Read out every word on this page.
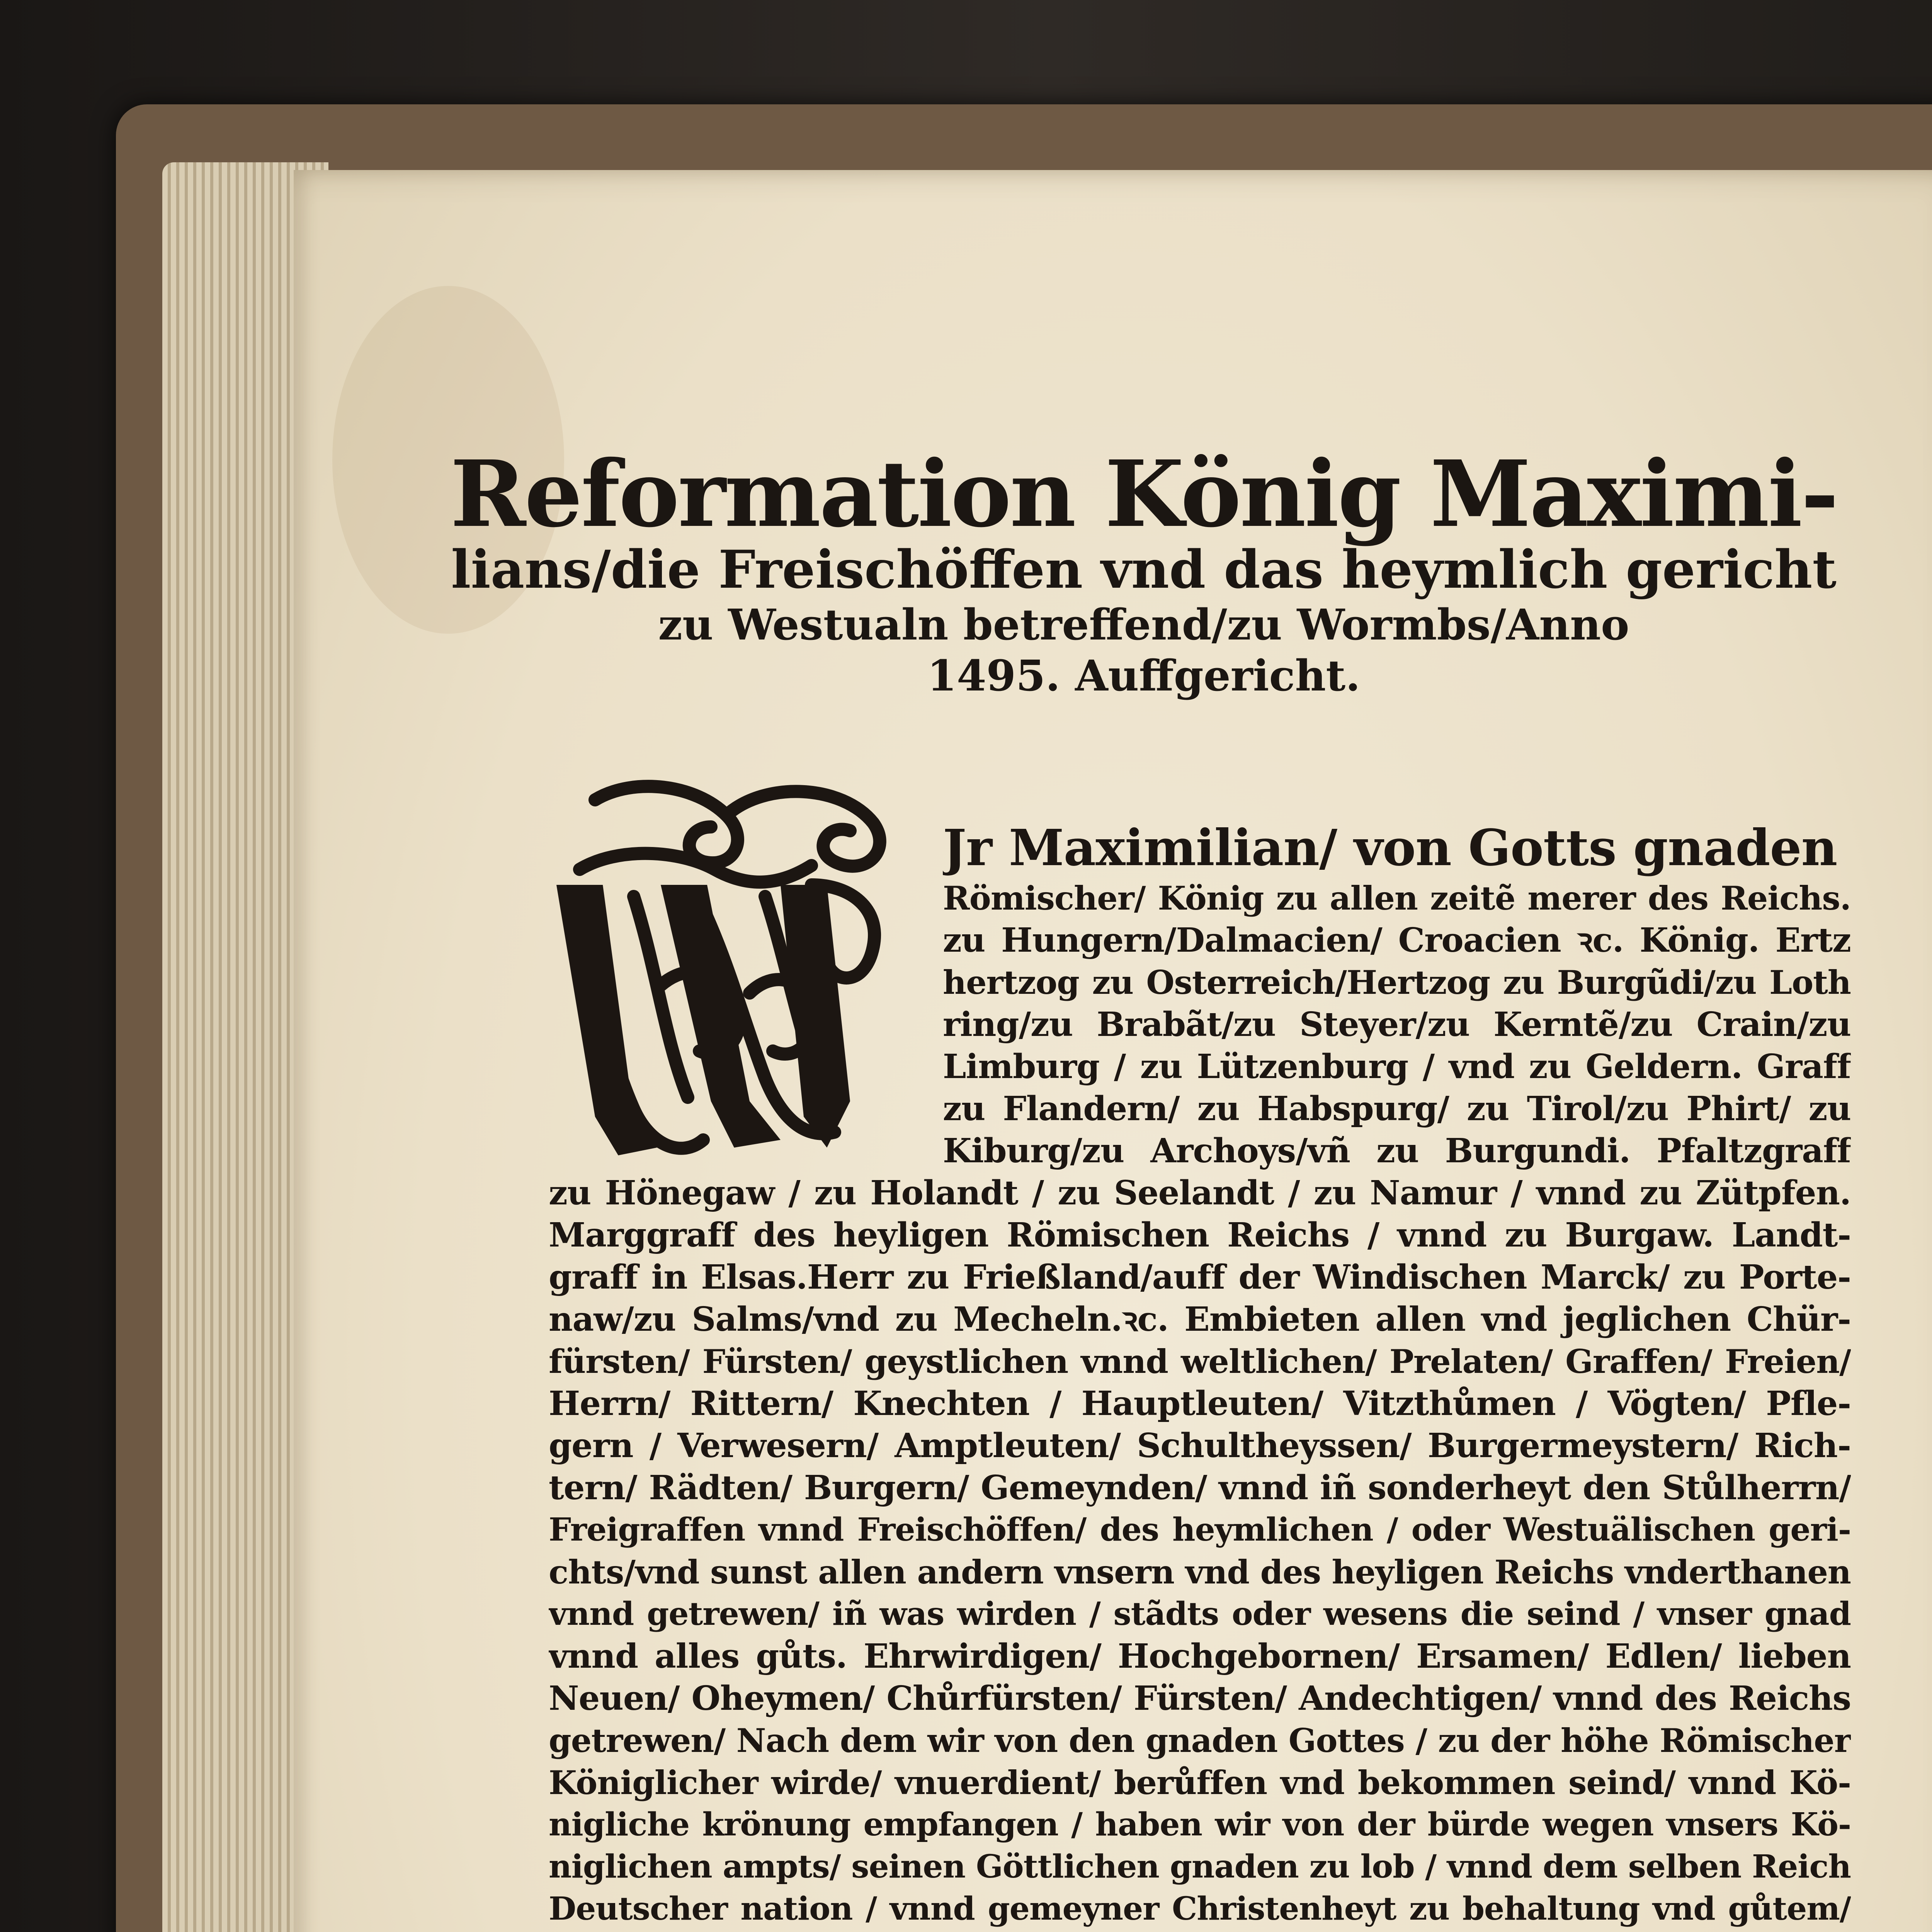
Reformation König Maximi-
lians/die Freischöffen vnd das heymlich gericht
zu Westualn betreffend/zu Wormbs/Anno
1495. Auffgericht.
Jr Maximilian/ von Gotts gnaden
Römischer/ König zu allen zeitẽ merer des Reichs.
zu Hungern/Dalmacien/ Croacien ꝛc. König. Ertz
hertzog zu Osterreich/Hertzog zu Burgũdi/zu Loth
ring/zu Brabãt/zu Steyer/zu Kerntẽ/zu Crain/zu
Limburg / zu Lützenburg / vnd zu Geldern. Graff
zu Flandern/ zu Habspurg/ zu Tirol/zu Phirt/ zu
Kiburg/zu Archoys/vñ zu Burgundi. Pfaltzgraff
zu Hönegaw / zu Holandt / zu Seelandt / zu Namur / vnnd zu Zütpfen.
Marggraff des heyligen Römischen Reichs / vnnd zu Burgaw. Landt-
graff in Elsas.Herr zu Frießland/auff der Windischen Marck/ zu Porte-
naw/zu Salms/vnd zu Mecheln.ꝛc. Embieten allen vnd jeglichen Chür-
fürsten/ Fürsten/ geystlichen vnnd weltlichen/ Prelaten/ Graffen/ Freien/
Herrn/ Rittern/ Knechten / Hauptleuten/ Vitzthůmen / Vögten/ Pfle-
gern / Verwesern/ Amptleuten/ Schultheyssen/ Burgermeystern/ Rich-
tern/ Rädten/ Burgern/ Gemeynden/ vnnd iñ sonderheyt den Stůlherrn/
Freigraffen vnnd Freischöffen/ des heymlichen / oder Westuälischen geri-
chts/vnd sunst allen andern vnsern vnd des heyligen Reichs vnderthanen
vnnd getrewen/ iñ was wirden / stãdts oder wesens die seind / vnser gnad
vnnd alles gůts. Ehrwirdigen/ Hochgebornen/ Ersamen/ Edlen/ lieben
Neuen/ Oheymen/ Chůrfürsten/ Fürsten/ Andechtigen/ vnnd des Reichs
getrewen/ Nach dem wir von den gnaden Gottes / zu der höhe Römischer
Königlicher wirde/ vnuerdient/ berůffen vnd bekommen seind/ vnnd Kö-
nigliche krönung empfangen / haben wir von der bürde wegen vnsers Kö-
niglichen ampts/ seinen Göttlichen gnaden zu lob / vnnd dem selben Reich
Deutscher nation / vnnd gemeyner Christenheyt zu behaltung vnd gůtem/
